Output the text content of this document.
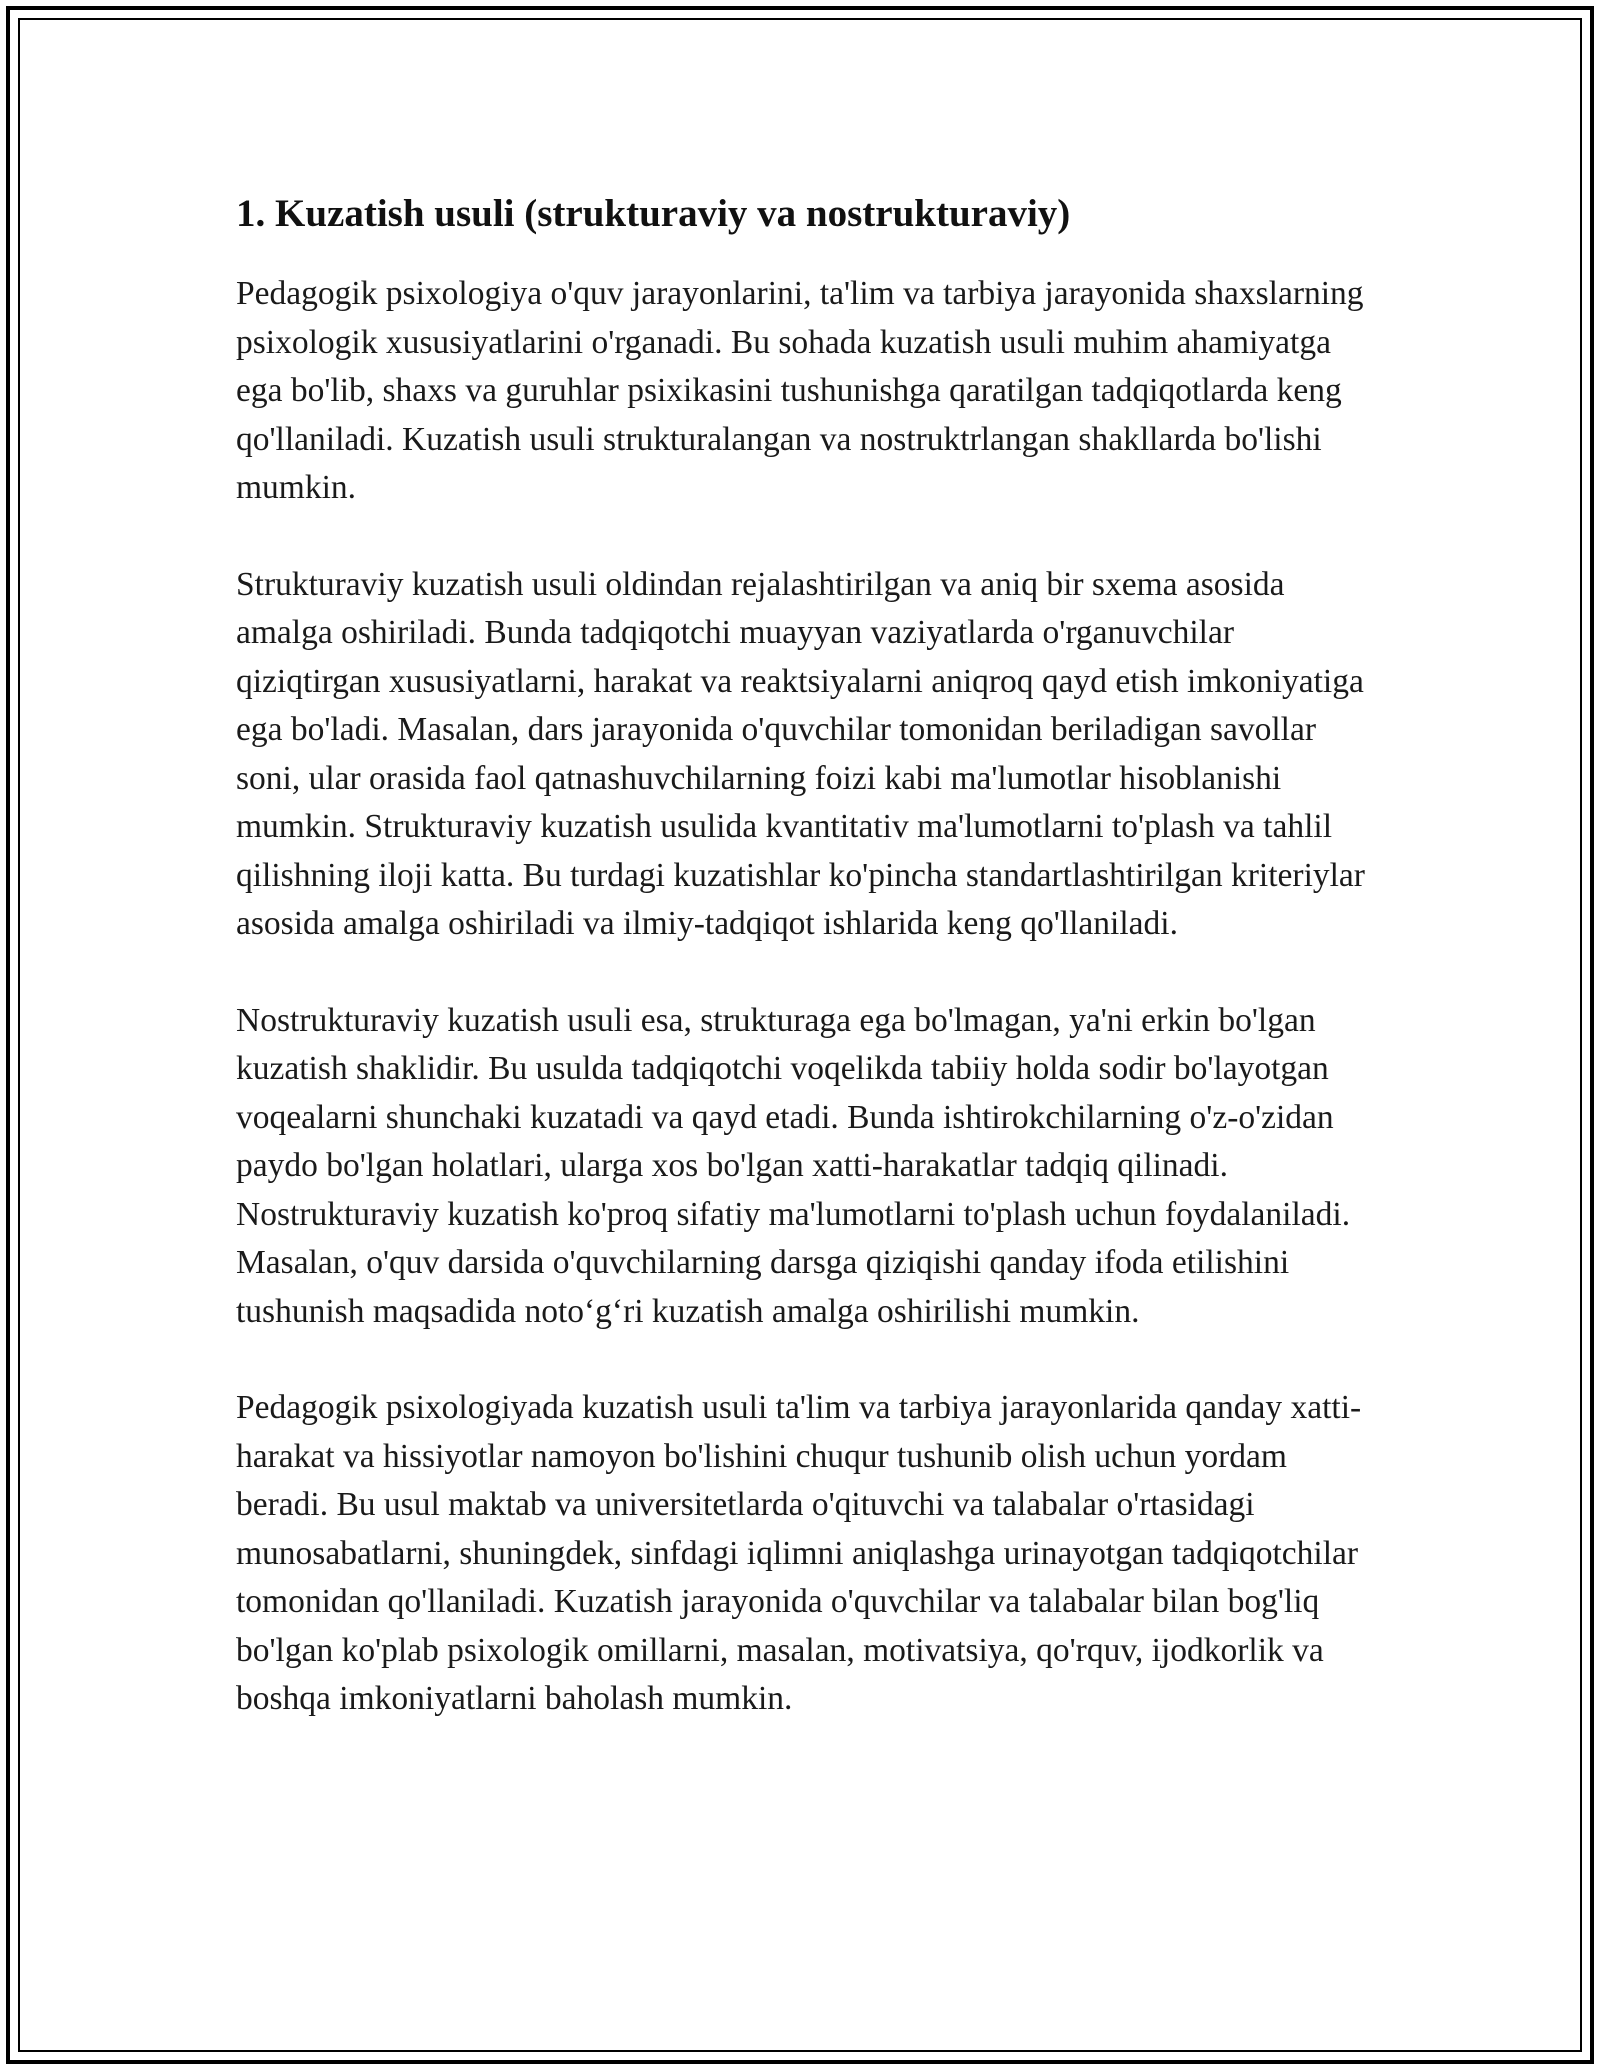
1. Kuzatish usuli (strukturaviy va nostrukturaviy)

Pedagogik psixologiya o'quv jarayonlarini, ta'lim va tarbiya jarayonida shaxslarning psixologik xususiyatlarini o'rganadi. Bu sohada kuzatish usuli muhim ahamiyatga ega bo'lib, shaxs va guruhlar psixikasini tushunishga qaratilgan tadqiqotlarda keng qo'llaniladi. Kuzatish usuli strukturalangan va nostruktrlangan shakllarda bo'lishi mumkin.

Strukturaviy kuzatish usuli oldindan rejalashtirilgan va aniq bir sxema asosida amalga oshiriladi. Bunda tadqiqotchi muayyan vaziyatlarda o'rganuvchilar qiziqtirgan xususiyatlarni, harakat va reaktsiyalarni aniqroq qayd etish imkoniyatiga ega bo'ladi. Masalan, dars jarayonida o'quvchilar tomonidan beriladigan savollar soni, ular orasida faol qatnashuvchilarning foizi kabi ma'lumotlar hisoblanishi mumkin. Strukturaviy kuzatish usulida kvantitativ ma'lumotlarni to'plash va tahlil qilishning iloji katta. Bu turdagi kuzatishlar ko'pincha standartlashtirilgan kriteriylar asosida amalga oshiriladi va ilmiy-tadqiqot ishlarida keng qo'llaniladi.

Nostrukturaviy kuzatish usuli esa, strukturaga ega bo'lmagan, ya'ni erkin bo'lgan kuzatish shaklidir. Bu usulda tadqiqotchi voqelikda tabiiy holda sodir bo'layotgan voqealarni shunchaki kuzatadi va qayd etadi. Bunda ishtirokchilarning o'z-o'zidan paydo bo'lgan holatlari, ularga xos bo'lgan xatti-harakatlar tadqiq qilinadi. Nostrukturaviy kuzatish ko'proq sifatiy ma'lumotlarni to'plash uchun foydalaniladi. Masalan, o'quv darsida o'quvchilarning darsga qiziqishi qanday ifoda etilishini tushunish maqsadida noto‘g‘ri kuzatish amalga oshirilishi mumkin.

Pedagogik psixologiyada kuzatish usuli ta'lim va tarbiya jarayonlarida qanday xatti-harakat va hissiyotlar namoyon bo'lishini chuqur tushunib olish uchun yordam beradi. Bu usul maktab va universitetlarda o'qituvchi va talabalar o'rtasidagi munosabatlarni, shuningdek, sinfdagi iqlimni aniqlashga urinayotgan tadqiqotchilar tomonidan qo'llaniladi. Kuzatish jarayonida o'quvchilar va talabalar bilan bog'liq bo'lgan ko'plab psixologik omillarni, masalan, motivatsiya, qo'rquv, ijodkorlik va boshqa imkoniyatlarni baholash mumkin.
